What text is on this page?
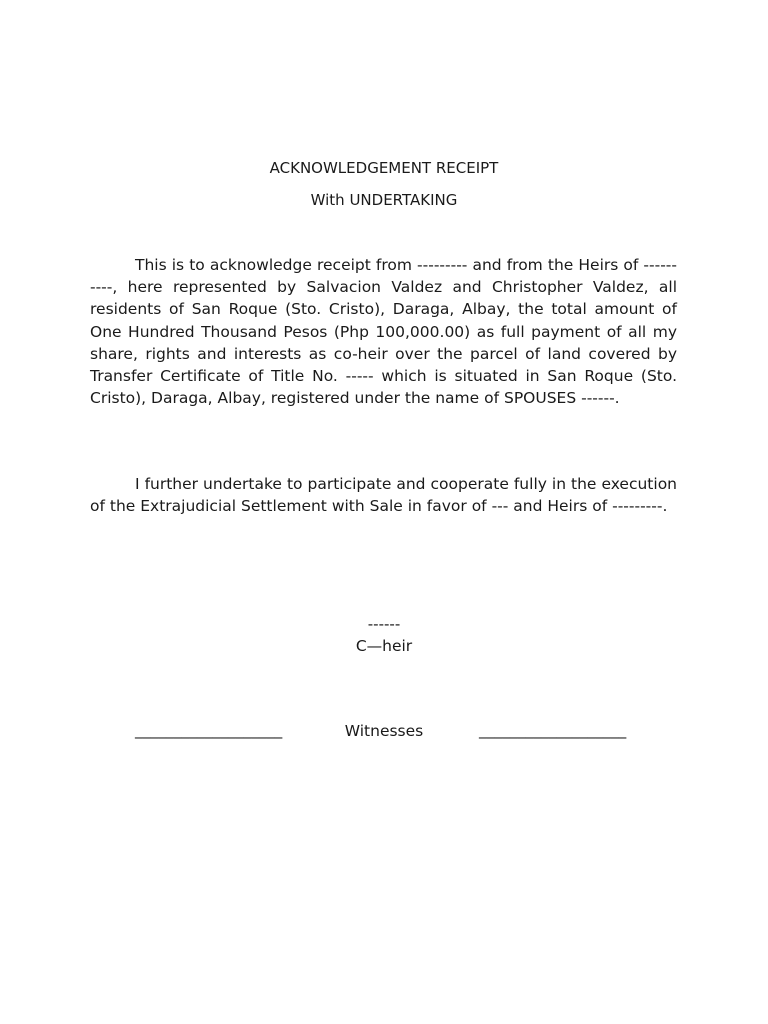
ACKNOWLEDGEMENT RECEIPT
With UNDERTAKING

This is to acknowledge receipt from --------- and from the Heirs of ----------, here represented by Salvacion Valdez and Christopher Valdez, all residents of San Roque (Sto. Cristo), Daraga, Albay, the total amount of One Hundred Thousand Pesos (Php 100,000.00) as full payment of all my share, rights and interests as co-heir over the parcel of land covered by Transfer Certificate of Title No. ----- which is situated in San Roque (Sto. Cristo), Daraga, Albay, registered under the name of SPOUSES ------.

I further undertake to participate and cooperate fully in the execution of the Extrajudicial Settlement with Sale in favor of --- and Heirs of ---------.

------
C—heir
___________________	Witnesses	___________________
